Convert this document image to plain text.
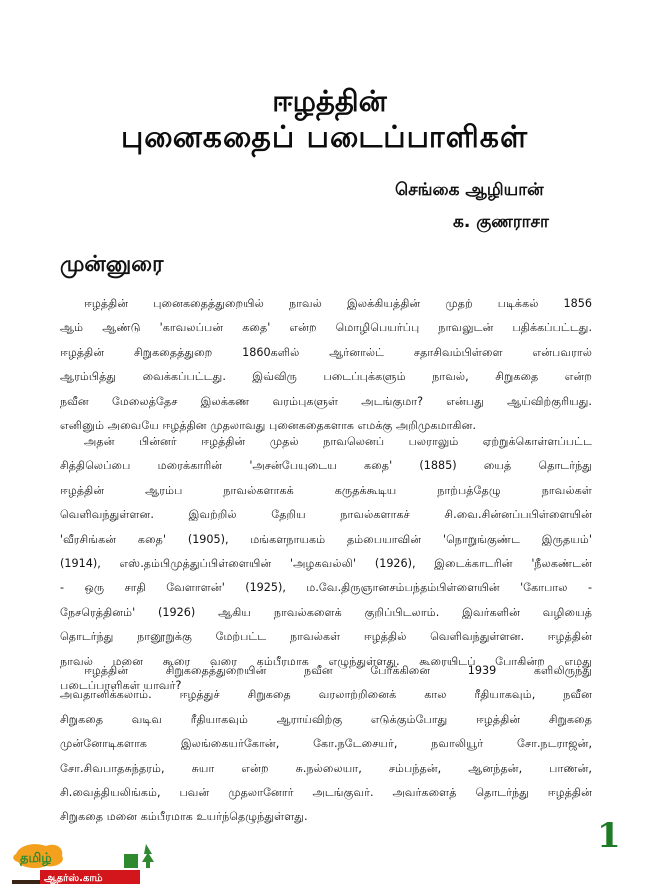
ஈழத்தின்
புனைகதைப் படைப்பாளிகள்
செங்கை ஆழியான்
க. குணராசா
முன்னுரை
ஈழத்தின் புனைகதைத்துறையில் நாவல் இலக்கியத்தின் முதற் படிக்கல் 1856
ஆம் ஆண்டு 'காவலப்பன் கதை' என்ற மொழிபெயர்ப்பு நாவலுடன் பதிக்கப்பட்டது.
ஈழத்தின் சிறுகதைத்துறை 1860களில் ஆர்னால்ட் சதாசிவம்பிள்ளை என்பவரால்
ஆரம்பித்து வைக்கப்பட்டது. இவ்விரு படைப்புக்களும் நாவல், சிறுகதை என்ற
நவீன மேலைத்தேச இலக்கண வரம்புகளுள் அடங்குமா? என்பது ஆய்விற்குரியது.
எனினும் அவையே ஈழத்தின முதலாவது புனைகதைகளாக எமக்கு அறிமுகமாகின.
அதன் பின்னர் ஈழத்தின் முதல் நாவலெனப் பலராலும் ஏற்றுக்கொள்ளப்பட்ட
சித்திலெப்பை மரைக்காரின் 'அசன்பேயுடைய கதை' (1885) யைத் தொடர்ந்து
ஈழத்தின் ஆரம்ப நாவல்களாகக் கருதக்கூடிய நாற்பத்தேழு நாவல்கள்
வெளிவந்துள்ளன. இவற்றில் தேறிய நாவல்களாகச் சி.வை.சின்னப்பபிள்ளையின்
'வீரசிங்கன் கதை' (1905), மங்களநாயகம் தம்பையாவின் 'நொறுங்குண்ட இருதயம்'
(1914), எஸ்.தம்பிமுத்துப்பிள்ளையின் 'அழகவல்லி' (1926), இடைக்காடரின் 'நீலகண்டன்
- ஒரு சாதி வேளாளன்' (1925), ம.வே.திருஞானசம்பந்தம்பிள்ளையின் 'கோபால -
நேசரெத்தினம்' (1926) ஆகிய நாவல்களைக் குறிப்பிடலாம். இவர்களின் வழியைத்
தொடர்ந்து நானூறுக்கு மேற்பட்ட நாவல்கள் ஈழத்தில் வெளிவந்துள்ளன. ஈழத்தின்
நாவல் மனை கூரை வரை கம்பீரமாக எழுந்துள்ளது. கூரையிடப் போகின்ற எமது
படைப்பாளிகள் யாவர்?
ஈழத்தின் சிறுகதைத்துறையின் நவீன போக்கினை 1939 களிலிருந்து
அவதானிக்கலாம். ஈழத்துச் சிறுகதை வரலாற்றினைக் கால ரீதியாகவும், நவீன
சிறுகதை வடிவ ரீதியாகவும் ஆராய்விற்கு எடுக்கும்போது ஈழத்தின் சிறுகதை
முன்னோடிகளாக இலங்கையர்கோன், கோ.நடேசையர், நவாலியூர் சோ.நடராஜன்,
சோ.சிவபாதசுந்தரம், சுயா என்ற சு.நல்லையா, சம்பந்தன், ஆனந்தன், பாணன்,
சி.வைத்தியலிங்கம், பவன் முதலானோர் அடங்குவர். அவர்களைத் தொடர்ந்து ஈழத்தின்
சிறுகதை மனை கம்பீரமாக உயர்ந்தெழுந்துள்ளது.	1
தமிழ்
ஆதர்ஸ்.காம்
